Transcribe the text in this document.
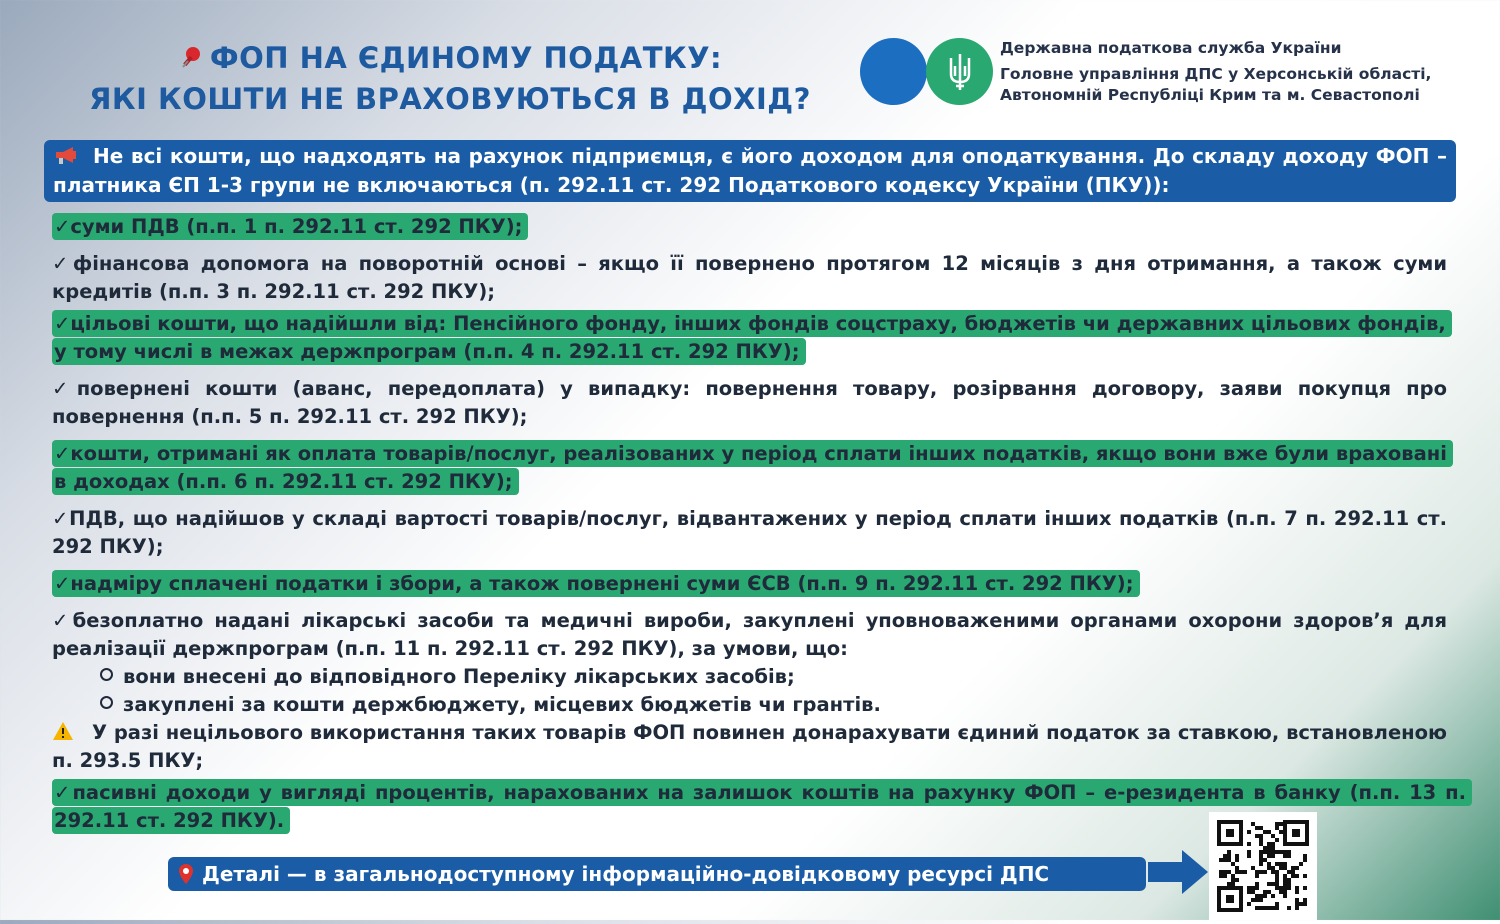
ФОП НА ЄДИНОМУ ПОДАТКУ:
ЯКІ КОШТИ НЕ ВРАХОВУЮТЬСЯ В ДОХІД?
Державна податкова служба України
Головне управління ДПС у Херсонській області,
Автономній Республіці Крим та м. Севастополі
Не всі кошти, що надходять на рахунок підприємця, є його доходом для оподаткування. До складу доходу ФОП – платника ЄП 1-3 групи не включаються (п. 292.11 ст. 292 Податкового кодексу України (ПКУ)):
✓суми ПДВ (п.п. 1 п. 292.11 ст. 292 ПКУ);
✓фінансова допомога на поворотній основі – якщо її повернено протягом 12 місяців з дня отримання, а також суми кредитів (п.п. 3 п. 292.11 ст. 292 ПКУ);
✓цільові кошти, що надійшли від: Пенсійного фонду, інших фондів соцстраху, бюджетів чи державних цільових фондів, у тому числі в межах держпрограм (п.п. 4 п. 292.11 ст. 292 ПКУ);
✓повернені кошти (аванс, передоплата) у випадку: повернення товару, розірвання договору, заяви покупця про повернення (п.п. 5 п. 292.11 ст. 292 ПКУ);
✓кошти, отримані як оплата товарів/послуг, реалізованих у період сплати інших податків, якщо вони вже були враховані в доходах (п.п. 6 п. 292.11 ст. 292 ПКУ);
✓ПДВ, що надійшов у складі вартості товарів/послуг, відвантажених у період сплати інших податків (п.п. 7 п. 292.11 ст. 292 ПКУ);
✓надміру сплачені податки і збори, а також повернені суми ЄСВ (п.п. 9 п. 292.11 ст. 292 ПКУ);
✓безоплатно надані лікарські засоби та медичні вироби, закуплені уповноваженими органами охорони здоров’я для реалізації держпрограм (п.п. 11 п. 292.11 ст. 292 ПКУ), за умови, що:
вони внесені до відповідного Переліку лікарських засобів;
закуплені за кошти держбюджету, місцевих бюджетів чи грантів.
У разі нецільового використання таких товарів ФОП повинен донарахувати єдиний податок за ставкою, встановленою п. 293.5 ПКУ;
✓пасивні доходи у вигляді процентів, нарахованих на залишок коштів на рахунку ФОП – е-резидента в банку (п.п. 13 п. 292.11 ст. 292 ПКУ).
Деталі — в загальнодоступному інформаційно-довідковому ресурсі ДПС
